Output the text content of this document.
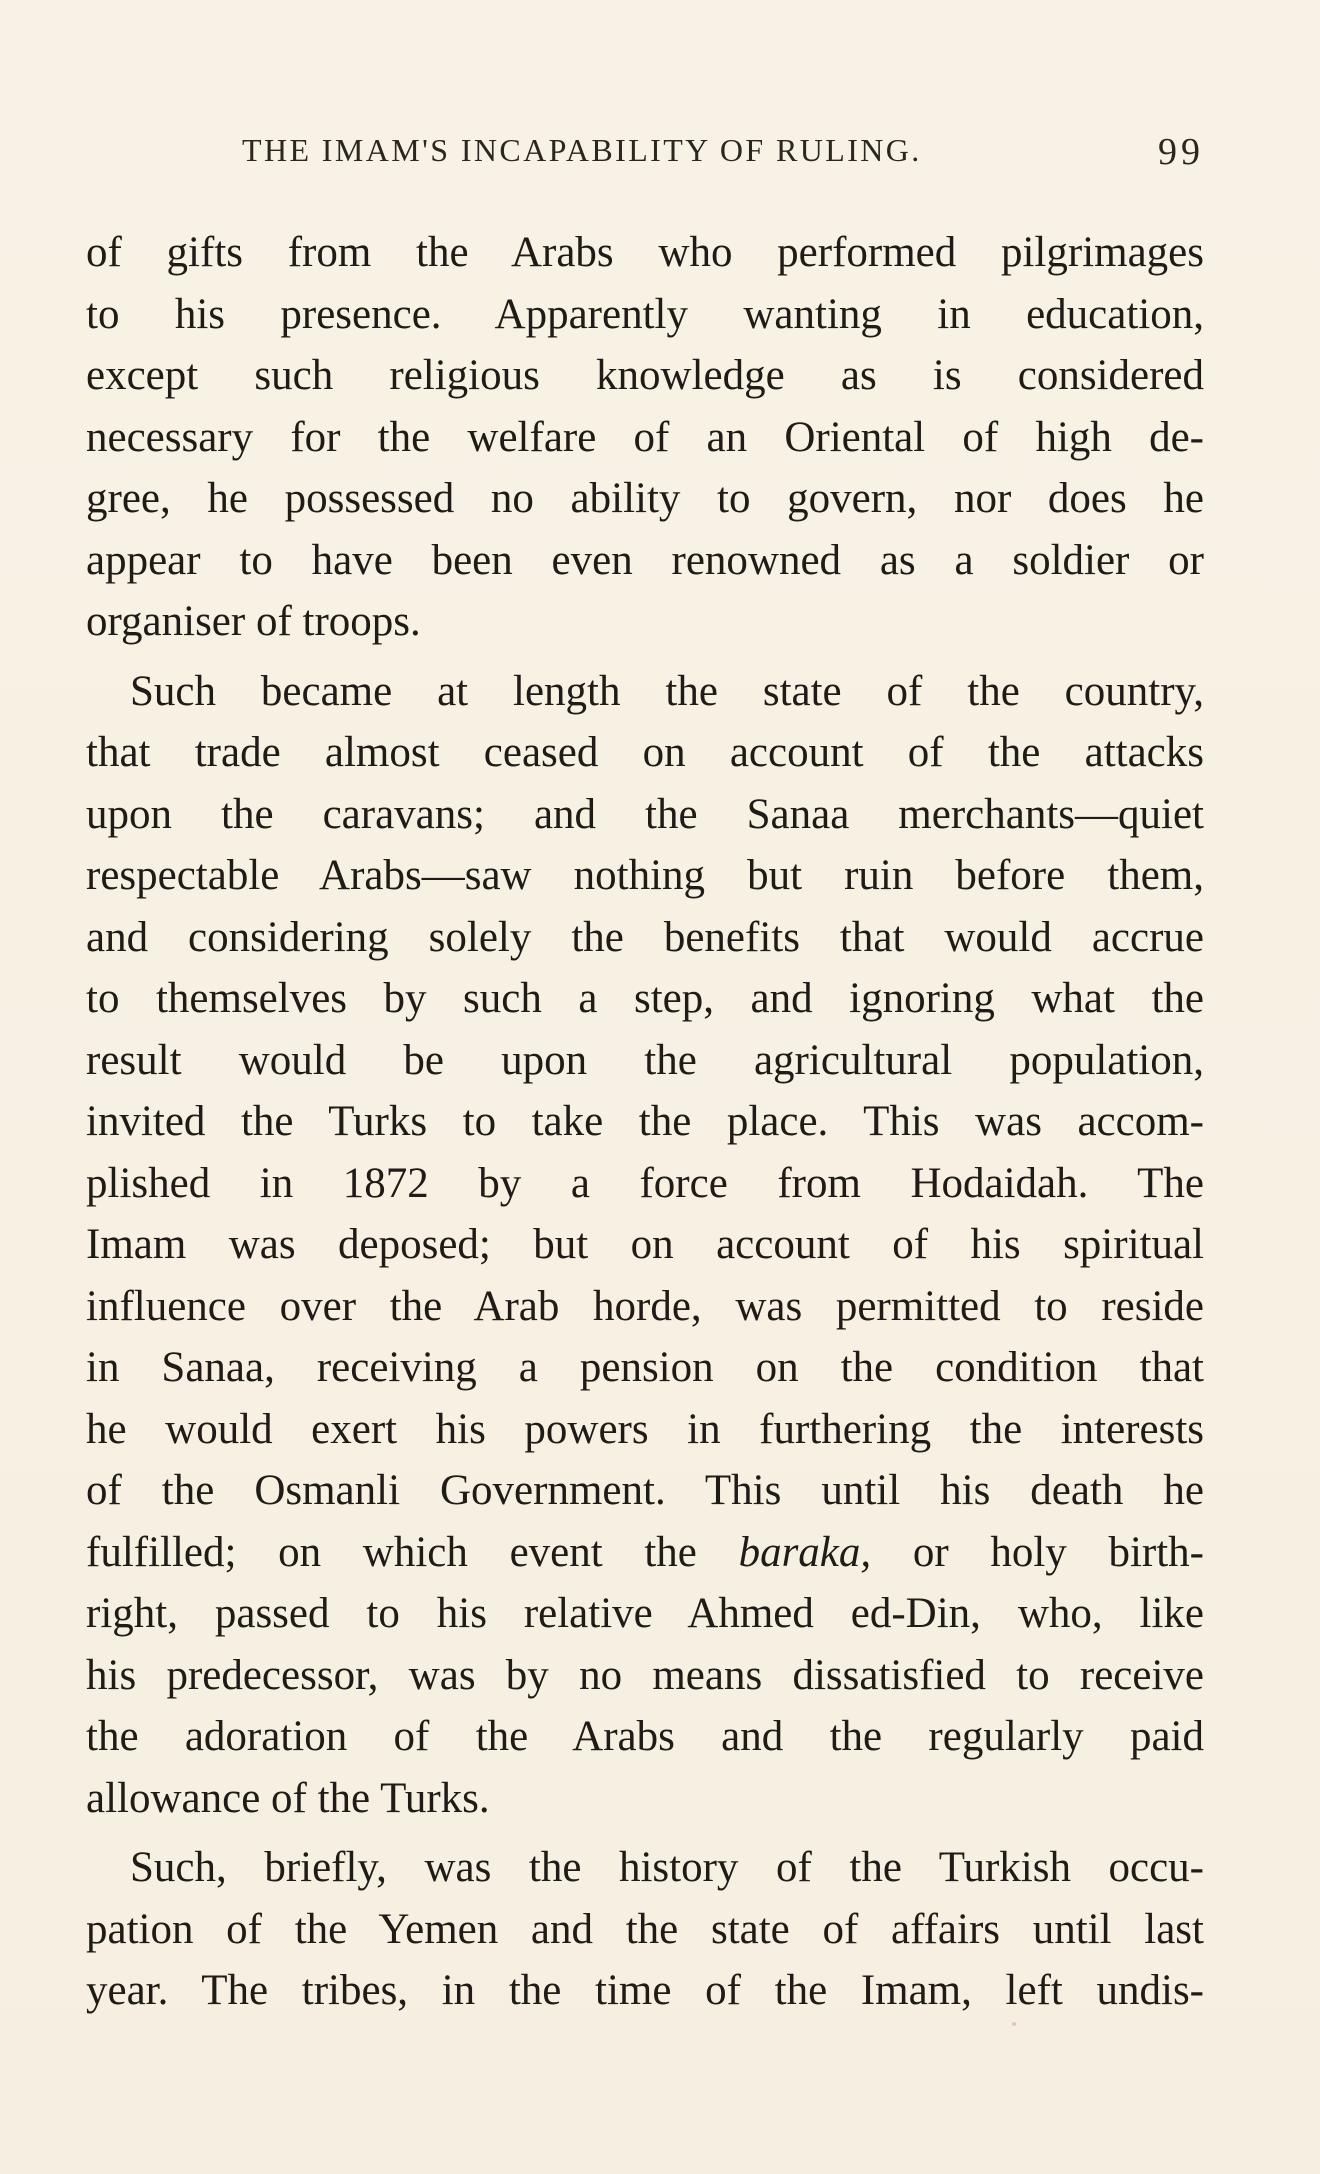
THE IMAM'S INCAPABILITY OF RULING.	99
of gifts from the Arabs who performed pilgrimages
to his presence. Apparently wanting in education,
except such religious knowledge as is considered
necessary for the welfare of an Oriental of high de-
gree, he possessed no ability to govern, nor does he
appear to have been even renowned as a soldier or
organiser of troops.
Such became at length the state of the country,
that trade almost ceased on account of the attacks
upon the caravans; and the Sanaa merchants—quiet
respectable Arabs—saw nothing but ruin before them,
and considering solely the benefits that would accrue
to themselves by such a step, and ignoring what the
result would be upon the agricultural population,
invited the Turks to take the place. This was accom-
plished in 1872 by a force from Hodaidah. The
Imam was deposed; but on account of his spiritual
influence over the Arab horde, was permitted to reside
in Sanaa, receiving a pension on the condition that
he would exert his powers in furthering the interests
of the Osmanli Government. This until his death he
fulfilled; on which event the baraka, or holy birth-
right, passed to his relative Ahmed ed-Din, who, like
his predecessor, was by no means dissatisfied to receive
the adoration of the Arabs and the regularly paid
allowance of the Turks.
Such, briefly, was the history of the Turkish occu-
pation of the Yemen and the state of affairs until last
year. The tribes, in the time of the Imam, left undis-
